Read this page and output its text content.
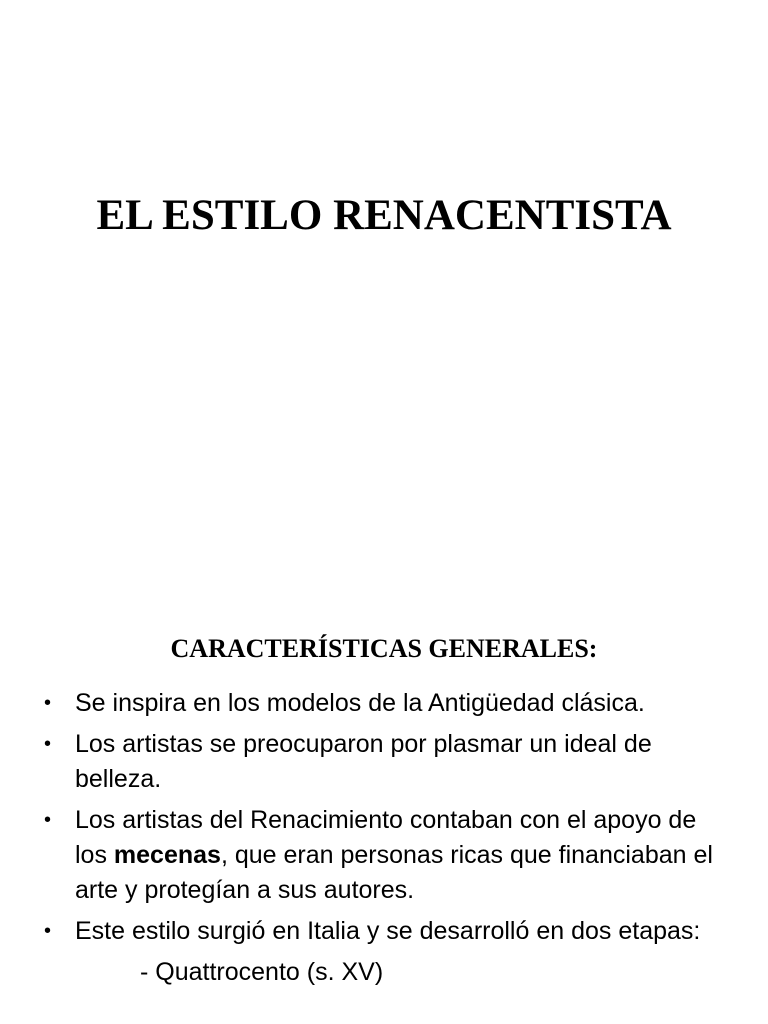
EL ESTILO RENACENTISTA
CARACTERÍSTICAS GENERALES:
• Se inspira en los modelos de la Antigüedad clásica.
• Los artistas se preocuparon por plasmar un ideal de belleza.
• Los artistas del Renacimiento contaban con el apoyo de los mecenas, que eran personas ricas que financiaban el arte y protegían a sus autores.
• Este estilo surgió en Italia y se desarrolló en dos etapas:
- Quattrocento (s. XV)
